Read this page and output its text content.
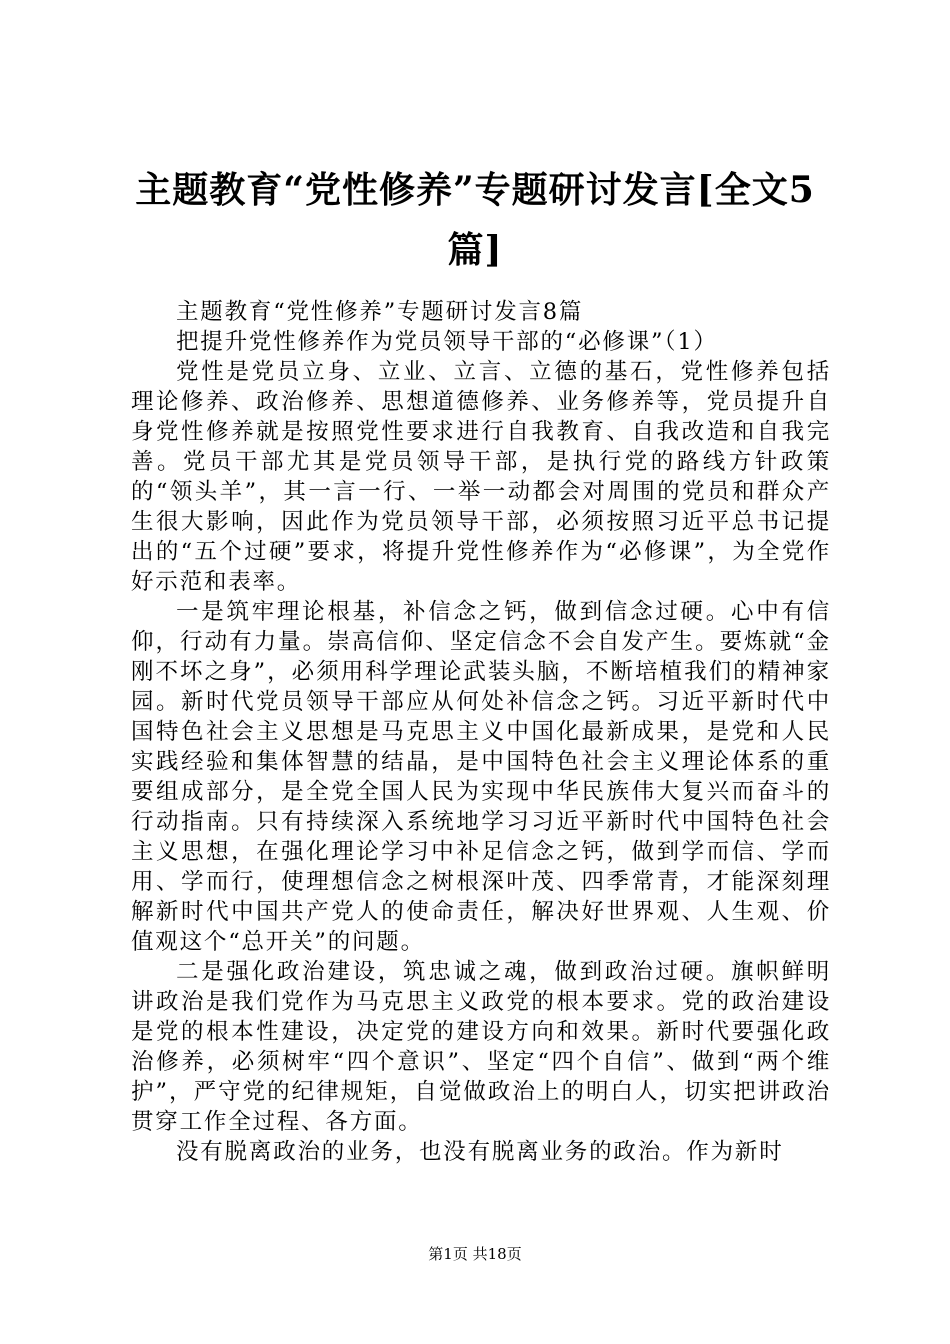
主题教育“党性修养”专题研讨发言[全文5篇]

主题教育“党性修养”专题研讨发言8篇

把提升党性修养作为党员领导干部的“必修课”（1）

党性是党员立身、立业、立言、立德的基石，党性修养包括理论修养、政治修养、思想道德修养、业务修养等，党员提升自身党性修养就是按照党性要求进行自我教育、自我改造和自我完善。党员干部尤其是党员领导干部，是执行党的路线方针政策的“领头羊”，其一言一行、一举一动都会对周围的党员和群众产生很大影响，因此作为党员领导干部，必须按照习近平总书记提出的“五个过硬”要求，将提升党性修养作为“必修课”，为全党作好示范和表率。

一是筑牢理论根基，补信念之钙，做到信念过硬。心中有信仰，行动有力量。崇高信仰、坚定信念不会自发产生。要炼就“金刚不坏之身”，必须用科学理论武装头脑，不断培植我们的精神家园。新时代党员领导干部应从何处补信念之钙。习近平新时代中国特色社会主义思想是马克思主义中国化最新成果，是党和人民实践经验和集体智慧的结晶，是中国特色社会主义理论体系的重要组成部分，是全党全国人民为实现中华民族伟大复兴而奋斗的行动指南。只有持续深入系统地学习习近平新时代中国特色社会主义思想，在强化理论学习中补足信念之钙，做到学而信、学而用、学而行，使理想信念之树根深叶茂、四季常青，才能深刻理解新时代中国共产党人的使命责任，解决好世界观、人生观、价值观这个“总开关”的问题。

二是强化政治建设，筑忠诚之魂，做到政治过硬。旗帜鲜明讲政治是我们党作为马克思主义政党的根本要求。党的政治建设是党的根本性建设，决定党的建设方向和效果。新时代要强化政治修养，必须树牢“四个意识”、坚定“四个自信”、做到“两个维护”，严守党的纪律规矩，自觉做政治上的明白人，切实把讲政治贯穿工作全过程、各方面。

没有脱离政治的业务，也没有脱离业务的政治。作为新时

第1页 共18页
